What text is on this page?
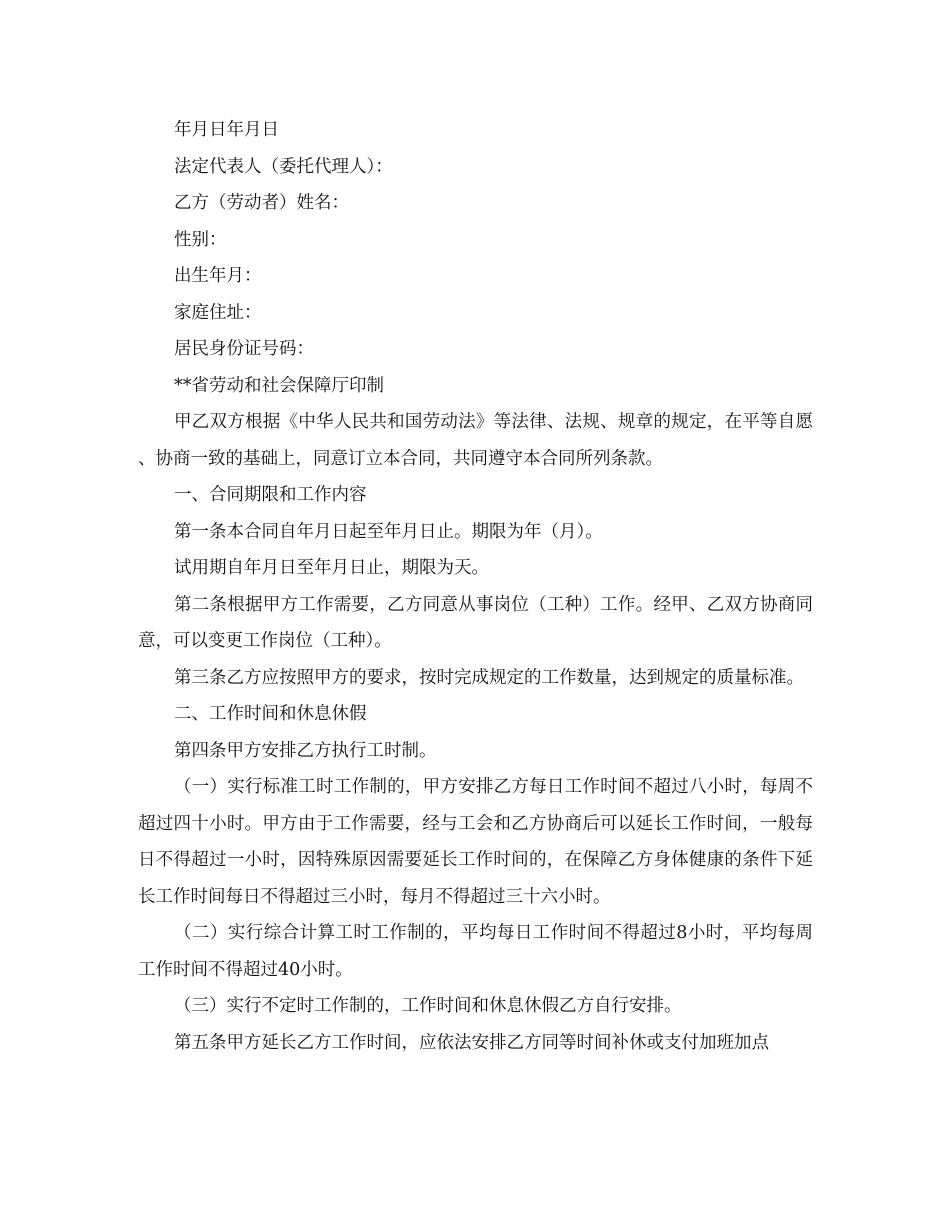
年月日年月日

法定代表人（委托代理人）：

乙方（劳动者）姓名：

性别：

出生年月：

家庭住址：

居民身份证号码：

**省劳动和社会保障厅印制

甲乙双方根据《中华人民共和国劳动法》等法律、法规、规章的规定，在平等自愿、协商一致的基础上，同意订立本合同，共同遵守本合同所列条款。

一、合同期限和工作内容

第一条本合同自年月日起至年月日止。期限为年（月）。

试用期自年月日至年月日止，期限为天。

第二条根据甲方工作需要，乙方同意从事岗位（工种）工作。经甲、乙双方协商同意，可以变更工作岗位（工种）。

第三条乙方应按照甲方的要求，按时完成规定的工作数量，达到规定的质量标准。

二、工作时间和休息休假

第四条甲方安排乙方执行工时制。

（一）实行标准工时工作制的，甲方安排乙方每日工作时间不超过八小时，每周不超过四十小时。甲方由于工作需要，经与工会和乙方协商后可以延长工作时间，一般每日不得超过一小时，因特殊原因需要延长工作时间的，在保障乙方身体健康的条件下延长工作时间每日不得超过三小时，每月不得超过三十六小时。

（二）实行综合计算工时工作制的，平均每日工作时间不得超过8小时，平均每周工作时间不得超过40小时。

（三）实行不定时工作制的，工作时间和休息休假乙方自行安排。

第五条甲方延长乙方工作时间，应依法安排乙方同等时间补休或支付加班加点
